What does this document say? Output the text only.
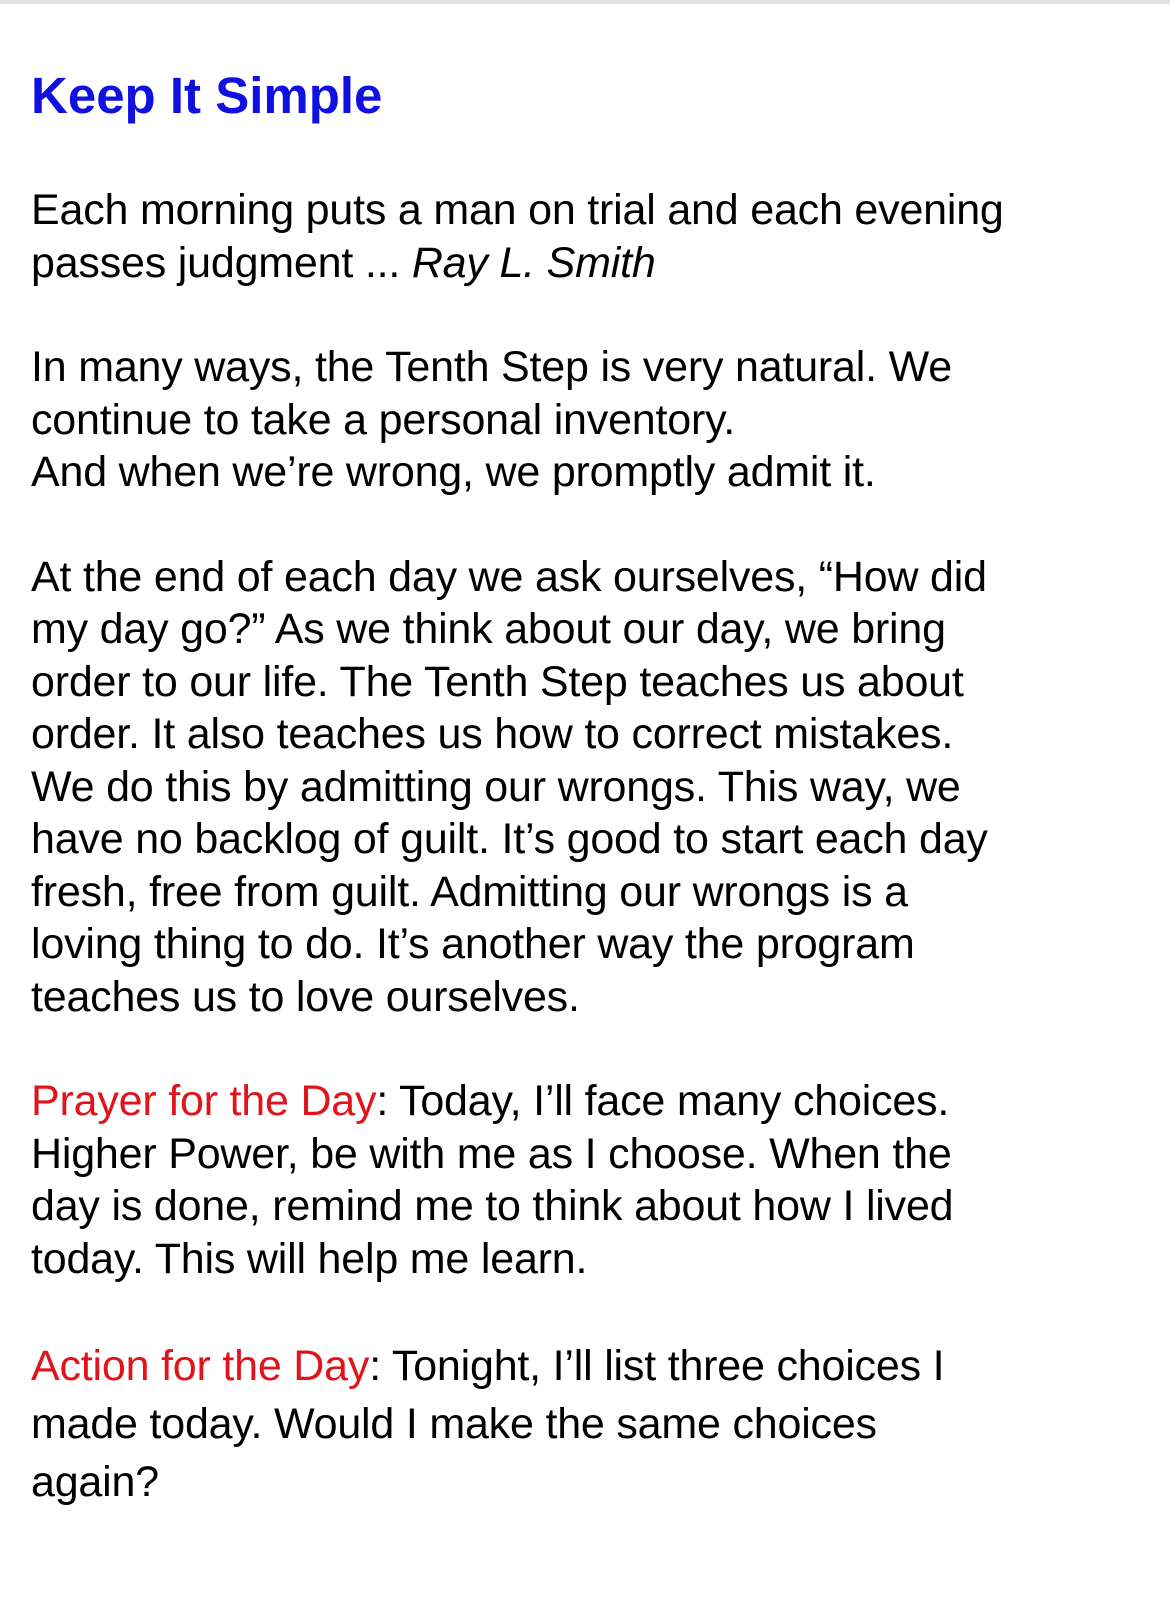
Keep It Simple

Each morning puts a man on trial and each evening
passes judgment ... Ray L. Smith

In many ways, the Tenth Step is very natural. We
continue to take a personal inventory.
And when we’re wrong, we promptly admit it.

At the end of each day we ask ourselves, “How did
my day go?” As we think about our day, we bring
order to our life. The Tenth Step teaches us about
order. It also teaches us how to correct mistakes.
We do this by admitting our wrongs. This way, we
have no backlog of guilt. It’s good to start each day
fresh, free from guilt. Admitting our wrongs is a
loving thing to do. It’s another way the program
teaches us to love ourselves.

Prayer for the Day: Today, I’ll face many choices.
Higher Power, be with me as I choose. When the
day is done, remind me to think about how I lived
today. This will help me learn.

Action for the Day: Tonight, I’ll list three choices I
made today. Would I make the same choices
again?
